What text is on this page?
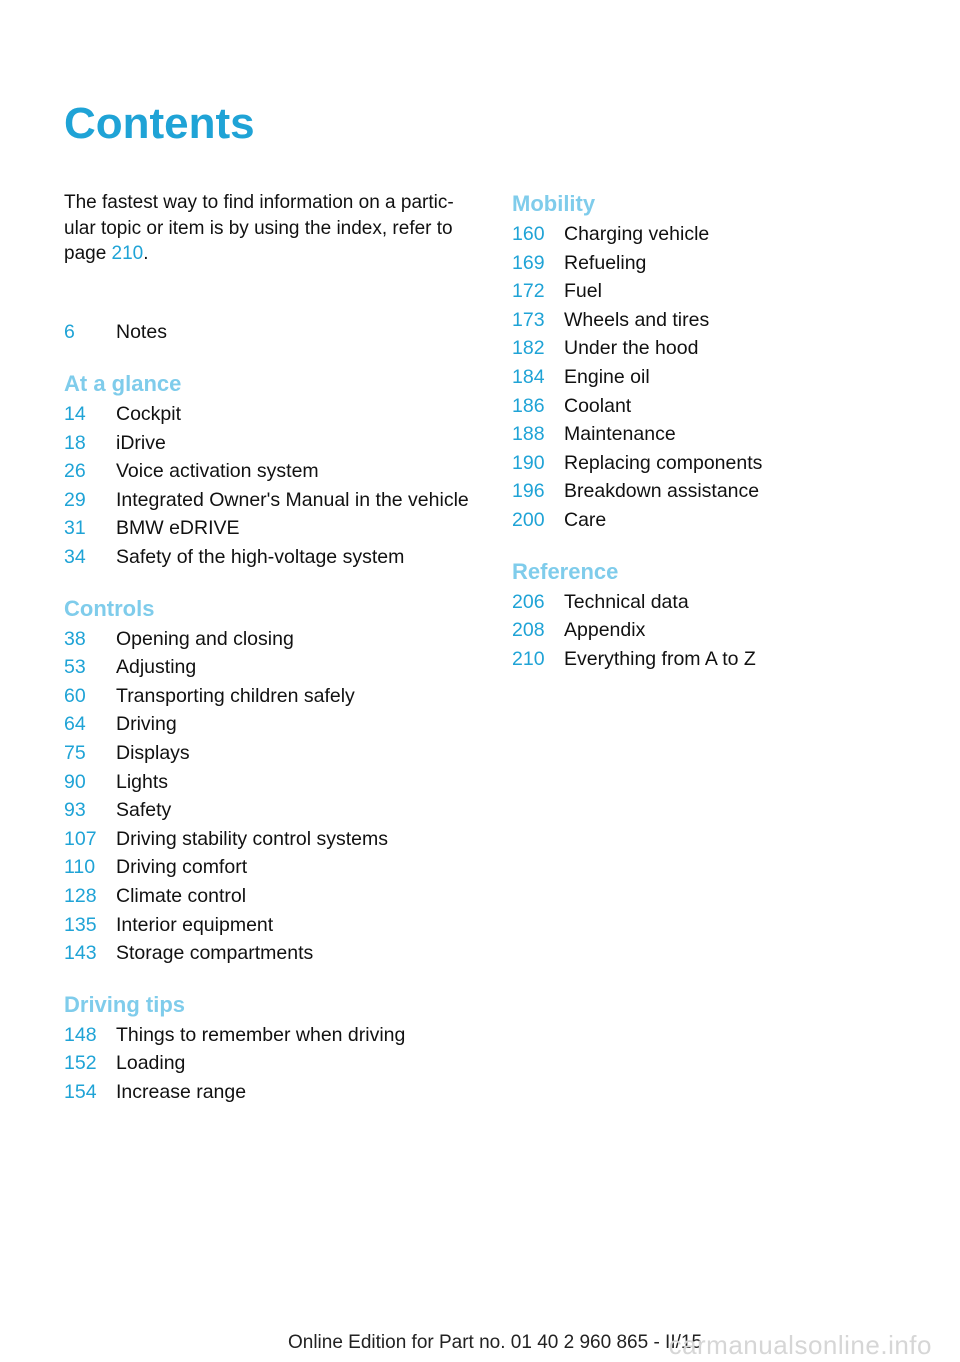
Contents

The fastest way to find information on a partic-ular topic or item is by using the index, refer to page 210.

6	Notes
At a glance
14	Cockpit
18	iDrive
26	Voice activation system
29	Integrated Owner's Manual in the vehicle
31	BMW eDRIVE
34	Safety of the high-voltage system
Controls
38	Opening and closing
53	Adjusting
60	Transporting children safely
64	Driving
75	Displays
90	Lights
93	Safety
107 Driving stability control systems
110	Driving comfort
128 Climate control
135 Interior equipment
143 Storage compartments
Driving tips
148 Things to remember when driving
152 Loading
154 Increase range
Mobility
160 Charging vehicle
169 Refueling
172 Fuel
173 Wheels and tires
182 Under the hood
184 Engine oil
186 Coolant
188 Maintenance
190 Replacing components
196 Breakdown assistance
200 Care
Reference
206 Technical data
208 Appendix
210 Everything from A to Z
Online Edition for Part no. 01 40 2 960 865 - II/15
carmanualsonline.info
